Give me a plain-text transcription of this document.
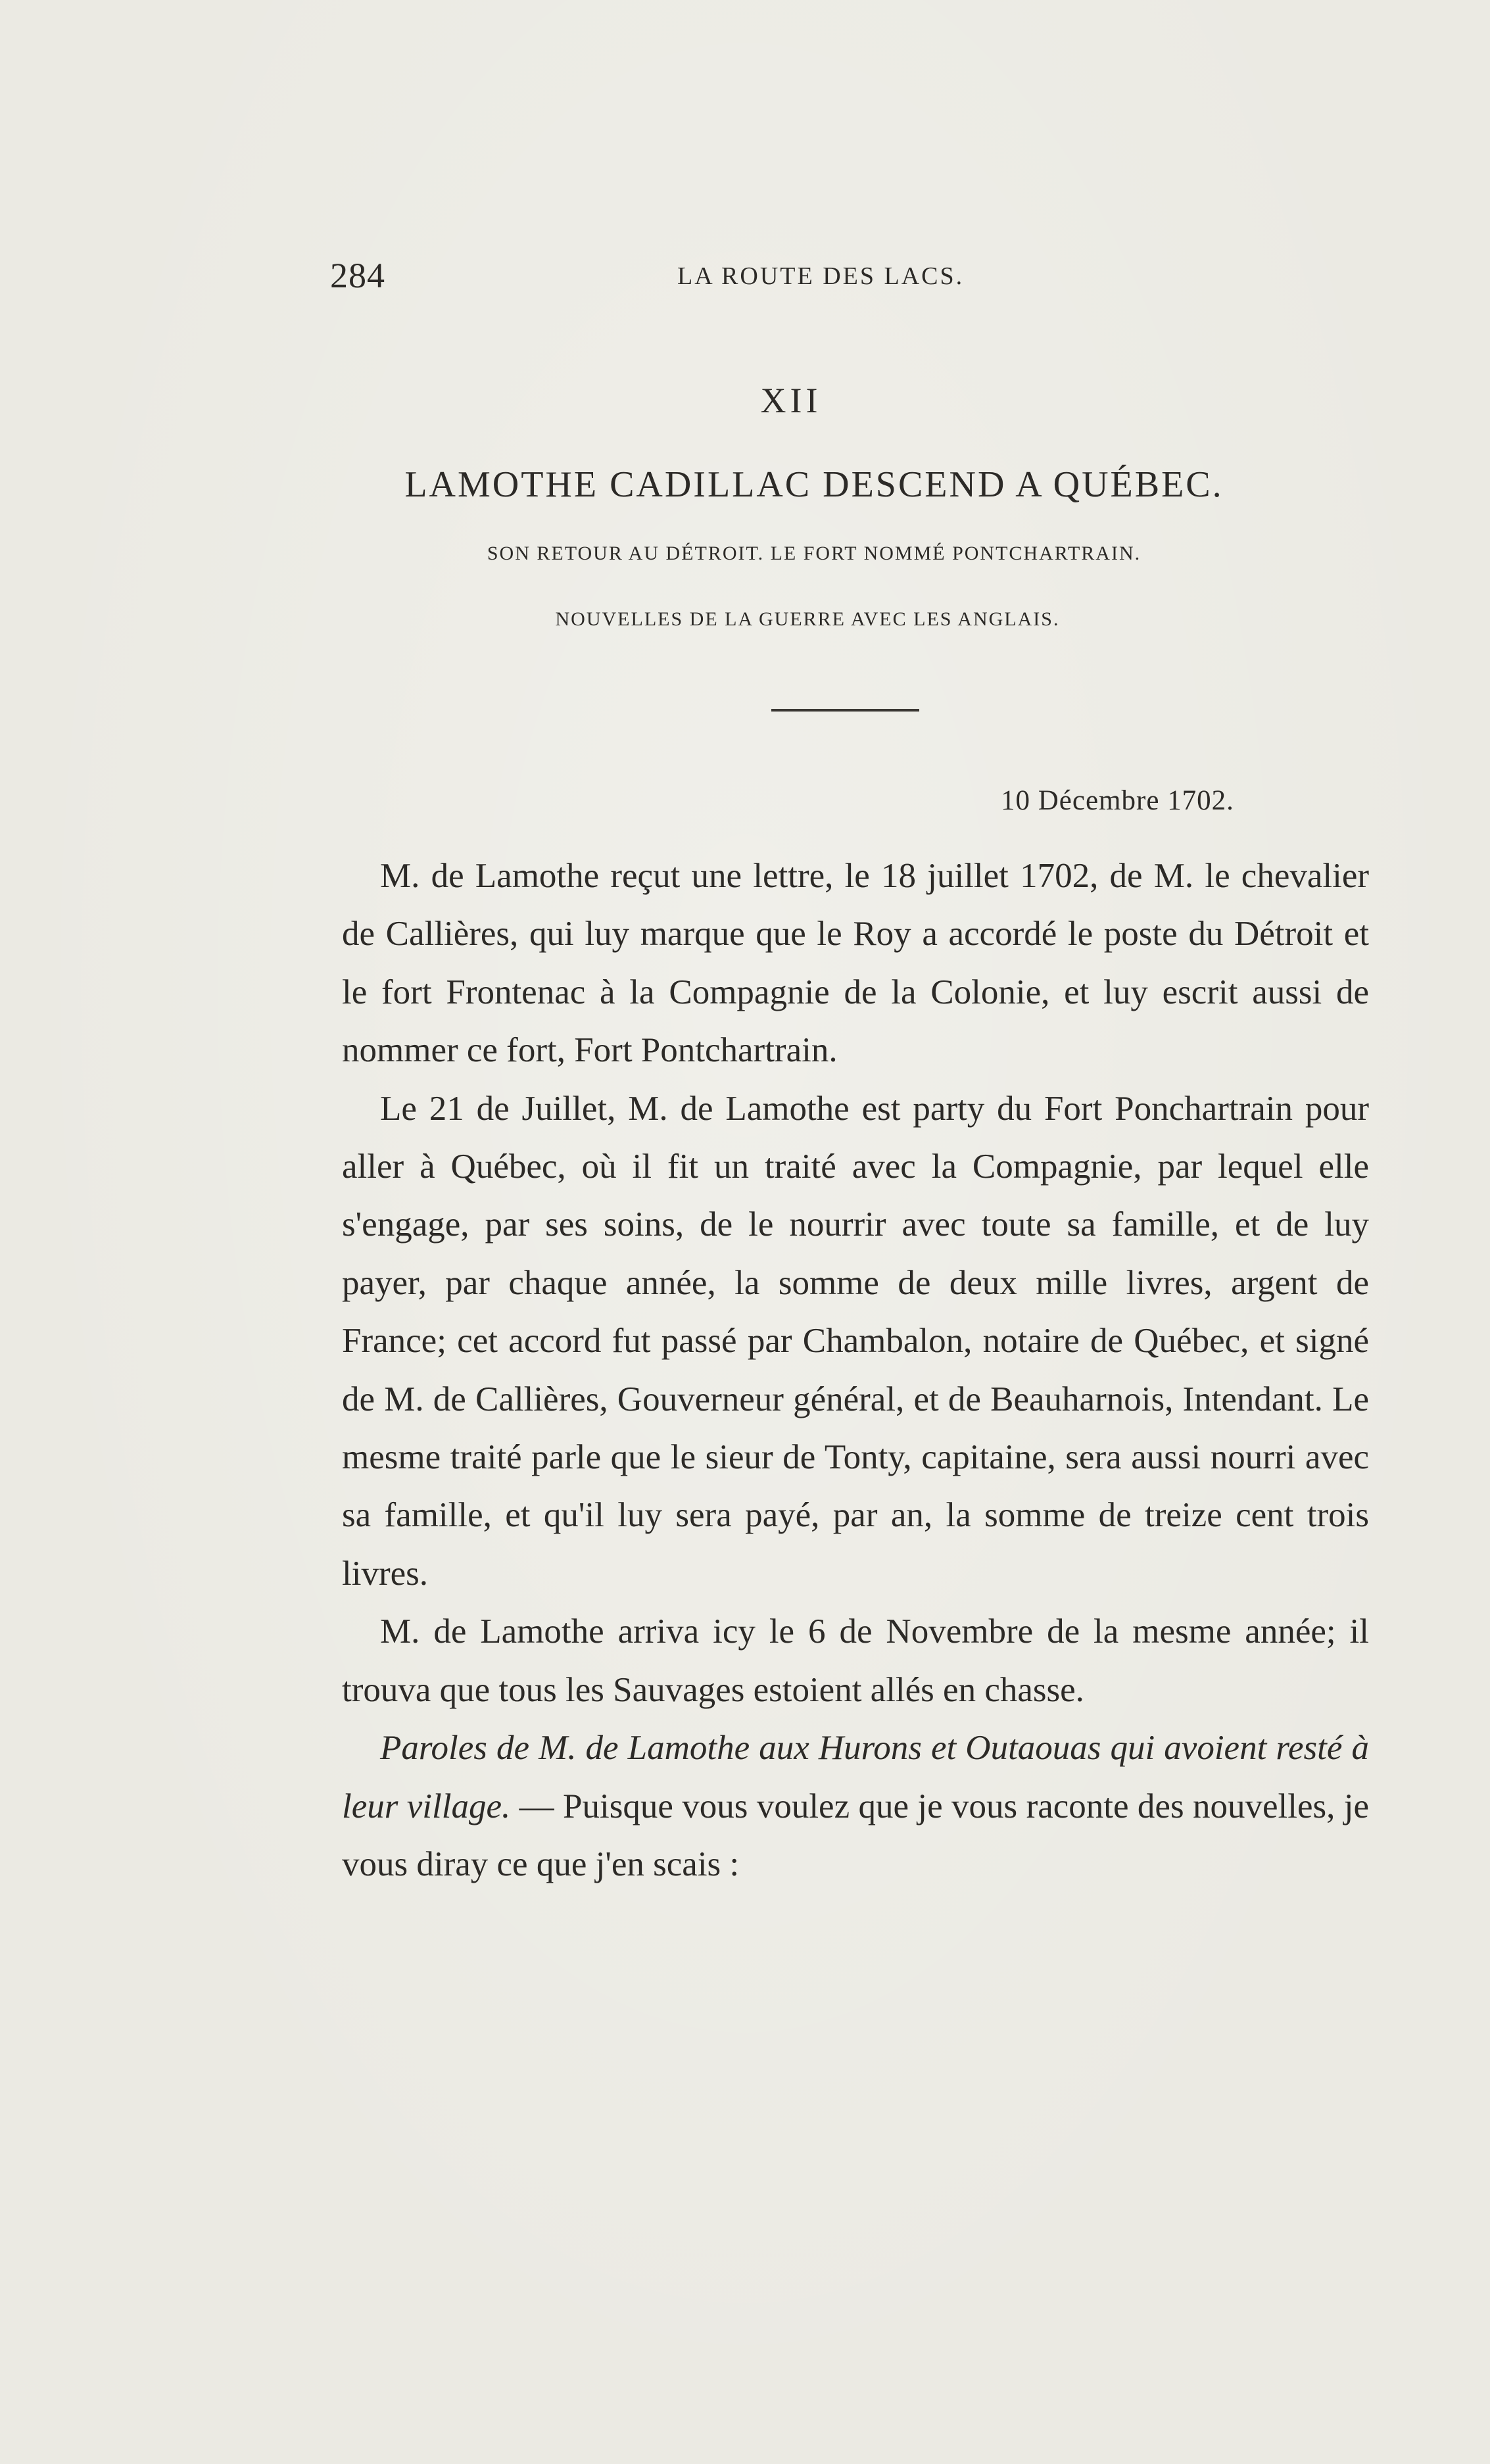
284	LA ROUTE DES LACS.
XII
LAMOTHE CADILLAC DESCEND A QUÉBEC.
SON RETOUR AU DÉTROIT. LE FORT NOMMÉ PONTCHARTRAIN.
NOUVELLES DE LA GUERRE AVEC LES ANGLAIS.
10 Décembre 1702.

M. de Lamothe reçut une lettre, le 18 juillet 1702, de M. le chevalier de Callières, qui luy marque que le Roy a accordé le poste du Détroit et le fort Frontenac à la Compagnie de la Colonie, et luy escrit aussi de nommer ce fort, Fort Pontchartrain.

Le 21 de Juillet, M. de Lamothe est party du Fort Ponchartrain pour aller à Québec, où il fit un traité avec la Compagnie, par lequel elle s'engage, par ses soins, de le nourrir avec toute sa famille, et de luy payer, par chaque année, la somme de deux mille livres, argent de France; cet accord fut passé par Chambalon, notaire de Québec, et signé de M. de Callières, Gouverneur général, et de Beauharnois, Intendant. Le mesme traité parle que le sieur de Tonty, capitaine, sera aussi nourri avec sa famille, et qu'il luy sera payé, par an, la somme de treize cent trois livres.

M. de Lamothe arriva icy le 6 de Novembre de la mesme année; il trouva que tous les Sauvages estoient allés en chasse.

Paroles de M. de Lamothe aux Hurons et Outaouas qui avoient resté à leur village. — Puisque vous voulez que je vous raconte des nouvelles, je vous diray ce que j'en scais :
